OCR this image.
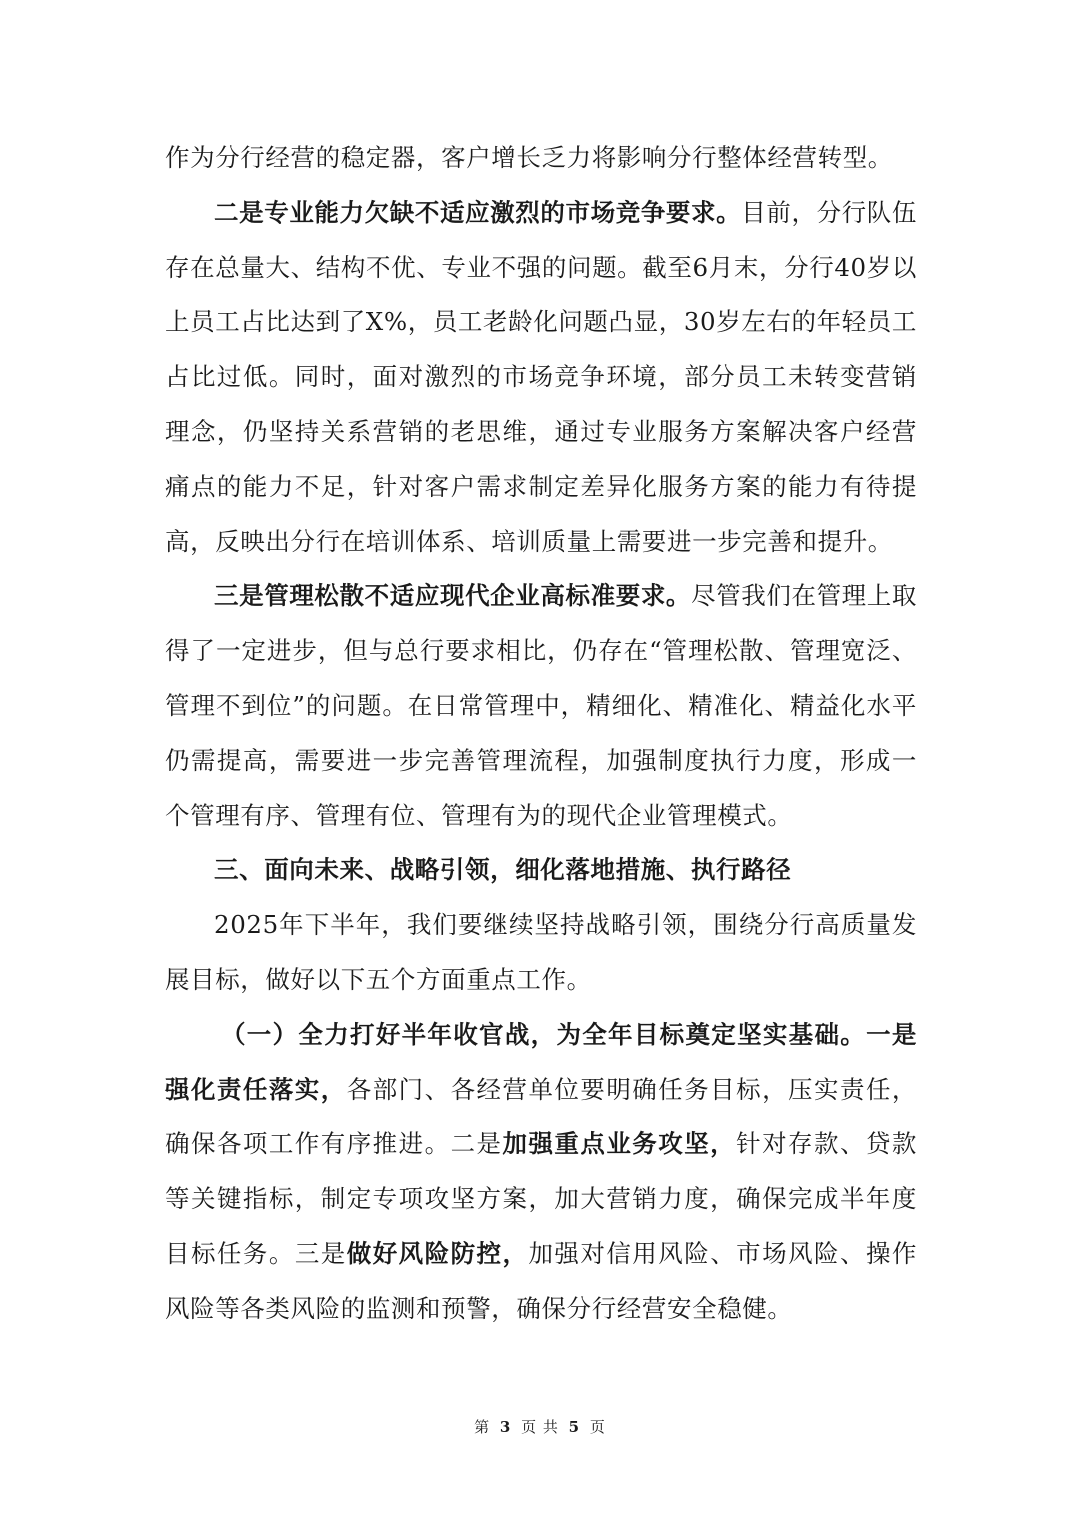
作为分行经营的稳定器，客户增长乏力将影响分行整体经营转型。

二是专业能力欠缺不适应激烈的市场竞争要求。目前，分行队伍存在总量大、结构不优、专业不强的问题。截至6月末，分行40岁以上员工占比达到了X%，员工老龄化问题凸显，30岁左右的年轻员工占比过低。同时，面对激烈的市场竞争环境，部分员工未转变营销理念，仍坚持关系营销的老思维，通过专业服务方案解决客户经营痛点的能力不足，针对客户需求制定差异化服务方案的能力有待提高，反映出分行在培训体系、培训质量上需要进一步完善和提升。

三是管理松散不适应现代企业高标准要求。尽管我们在管理上取得了一定进步，但与总行要求相比，仍存在“管理松散、管理宽泛、管理不到位”的问题。在日常管理中，精细化、精准化、精益化水平仍需提高，需要进一步完善管理流程，加强制度执行力度，形成一个管理有序、管理有位、管理有为的现代企业管理模式。

三、面向未来、战略引领，细化落地措施、执行路径

2025年下半年，我们要继续坚持战略引领，围绕分行高质量发展目标，做好以下五个方面重点工作。

（一）全力打好半年收官战，为全年目标奠定坚实基础。一是强化责任落实，各部门、各经营单位要明确任务目标，压实责任，确保各项工作有序推进。二是加强重点业务攻坚，针对存款、贷款等关键指标，制定专项攻坚方案，加大营销力度，确保完成半年度目标任务。三是做好风险防控，加强对信用风险、市场风险、操作风险等各类风险的监测和预警，确保分行经营安全稳健。

第 3 页 共 5 页
